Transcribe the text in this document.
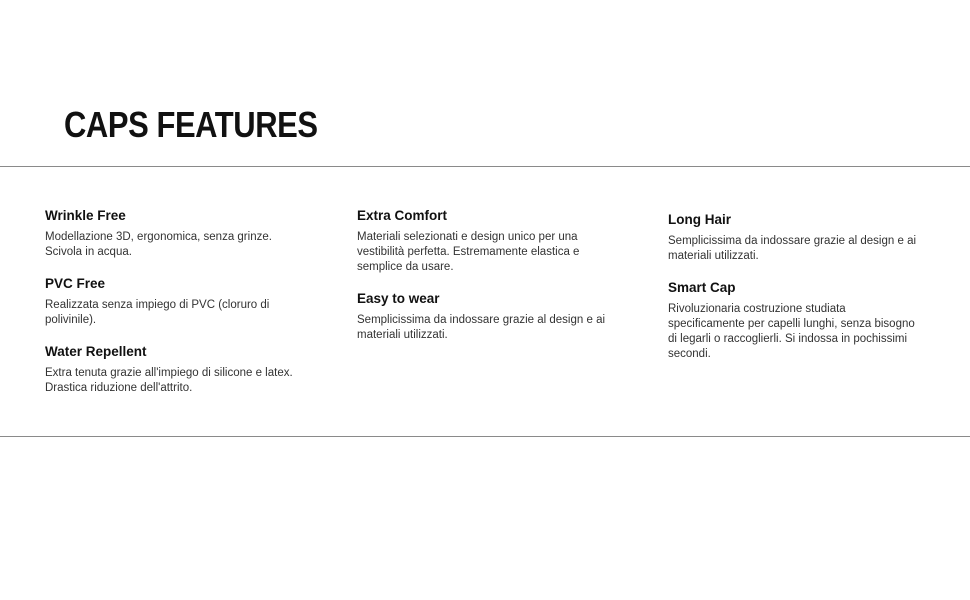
CAPS FEATURES
Wrinkle Free
Modellazione 3D, ergonomica, senza grinze.
Scivola in acqua.
PVC Free
Realizzata senza impiego di PVC (cloruro di
polivinile).
Water Repellent
Extra tenuta grazie all'impiego di silicone e latex.
Drastica riduzione dell'attrito.
Extra Comfort
Materiali selezionati e design unico per una
vestibilità perfetta. Estremamente elastica e
semplice da usare.
Easy to wear
Semplicissima da indossare grazie al design e ai
materiali utilizzati.
Long Hair
Semplicissima da indossare grazie al design e ai
materiali utilizzati.
Smart Cap
Rivoluzionaria costruzione studiata
specificamente per capelli lunghi, senza bisogno
di legarli o raccoglierli. Si indossa in pochissimi
secondi.
